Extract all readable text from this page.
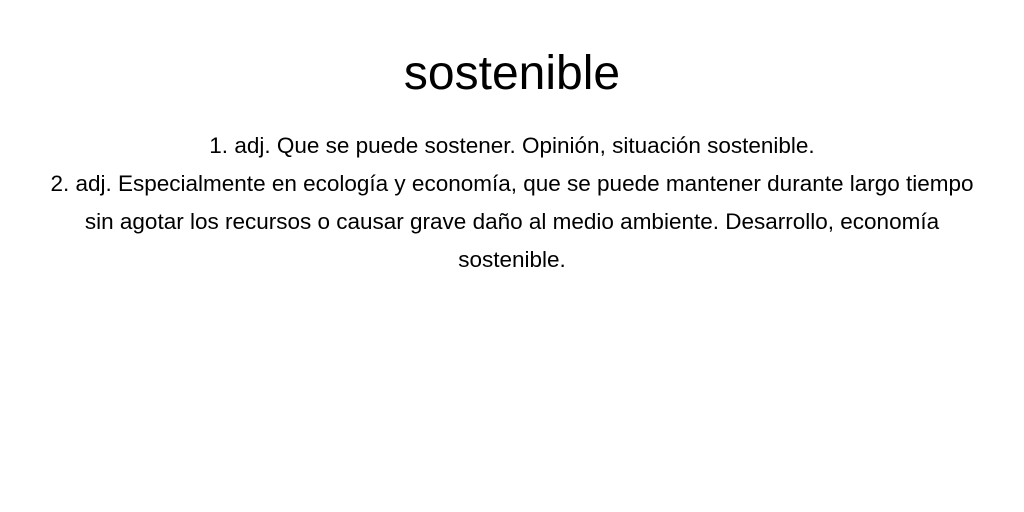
sostenible
1. adj. Que se puede sostener. Opinión, situación sostenible.
2. adj. Especialmente en ecología y economía, que se puede mantener durante largo tiempo sin agotar los recursos o causar grave daño al medio ambiente. Desarrollo, economía sostenible.
